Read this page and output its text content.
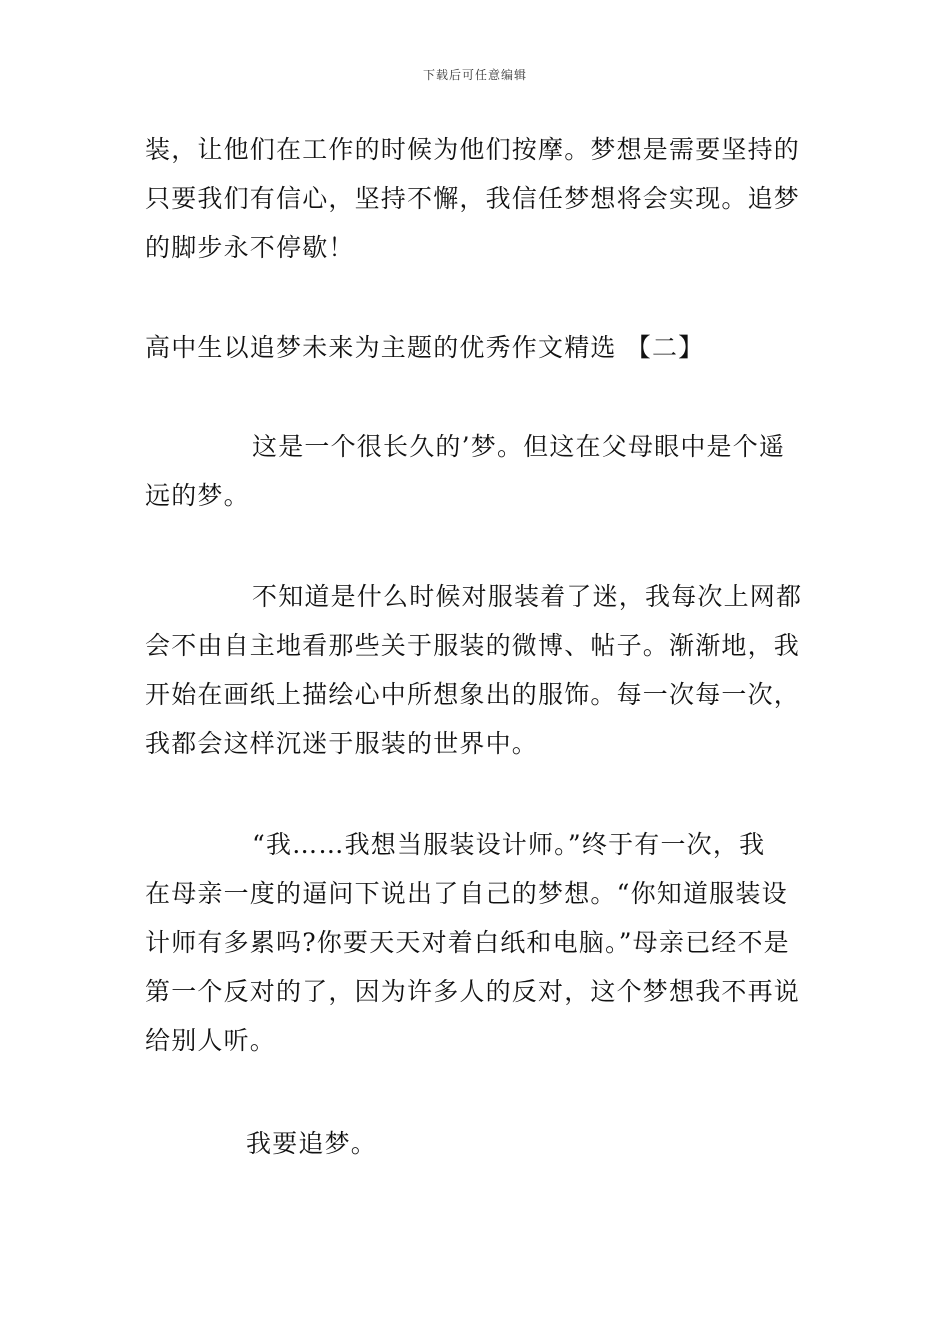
下载后可任意编辑
装，让他们在工作的时候为他们按摩。梦想是需要坚持的
只要我们有信心，坚持不懈，我信任梦想将会实现。追梦
的脚步永不停歇！
高中生以追梦未来为主题的优秀作文精选 【二】
这是一个很长久的’梦。但这在父母眼中是个遥
远的梦。
不知道是什么时候对服装着了迷，我每次上网都
会不由自主地看那些关于服装的微博、帖子。渐渐地，我
开始在画纸上描绘心中所想象出的服饰。每一次每一次，
我都会这样沉迷于服装的世界中。
“我……我想当服装设计师。”终于有一次，我
在母亲一度的逼问下说出了自己的梦想。“你知道服装设
计师有多累吗?你要天天对着白纸和电脑。”母亲已经不是
第一个反对的了，因为许多人的反对，这个梦想我不再说
给别人听。
我要追梦。
